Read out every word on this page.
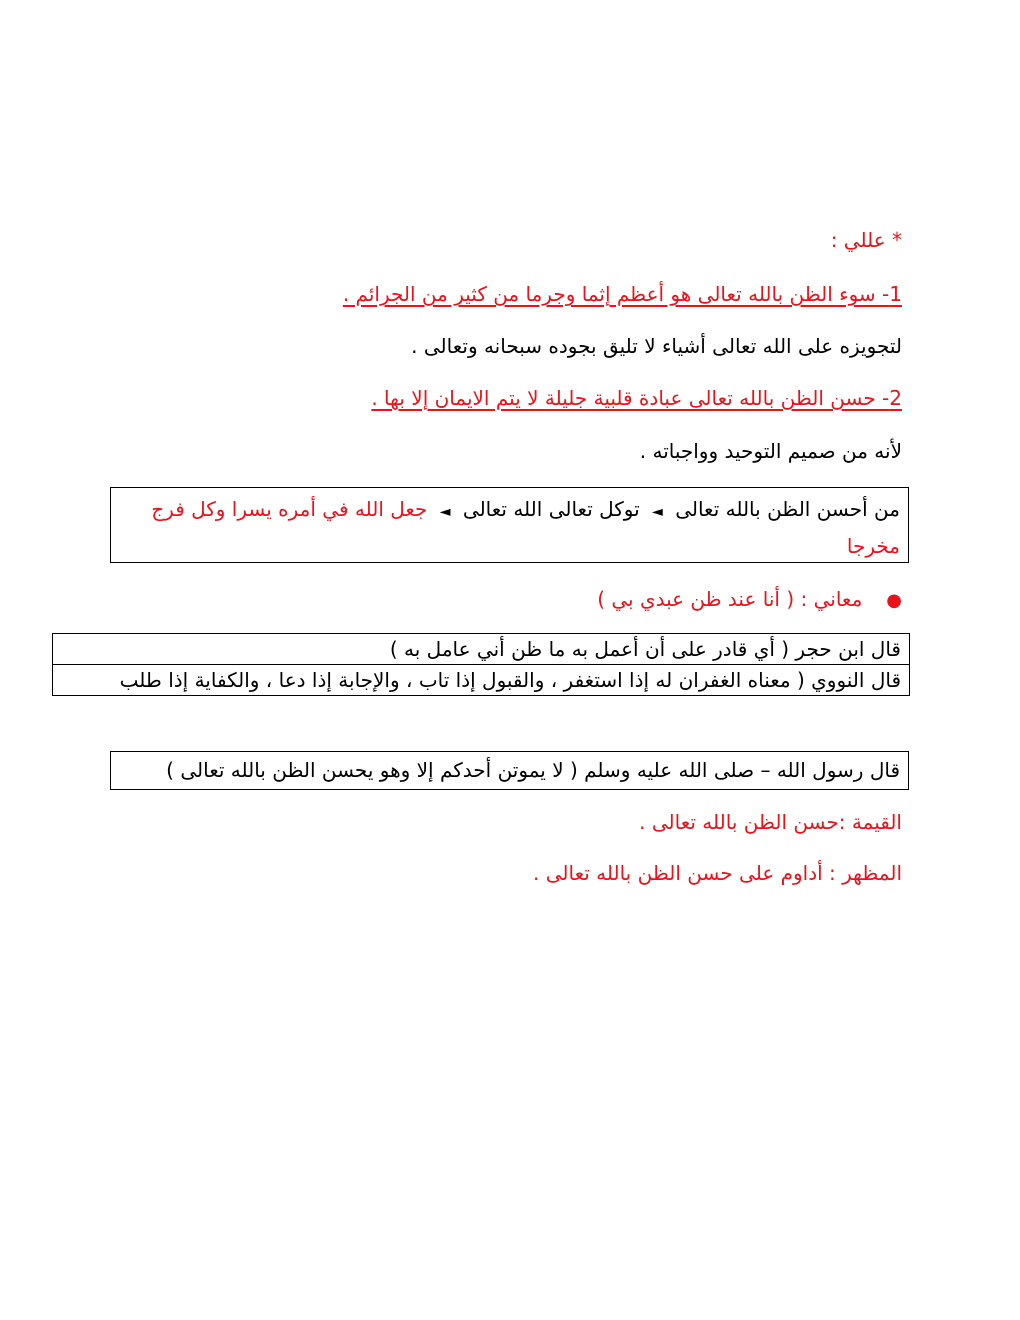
* عللي :
1- سوء الظن بالله تعالى هو أعظم إثما وجرما من كثير من الجرائم .
لتجويزه على الله تعالى أشياء لا تليق بجوده سبحانه وتعالى .
2- حسن الظن بالله تعالى عبادة قلبية جليلة لا يتم الايمان إلا بها .
لأنه من صميم التوحيد وواجباته .
من أحسن الظن بالله تعالى ◄ توكل تعالى الله تعالى ◄ جعل الله في أمره يسرا وكل فرج مخرجا
●معاني : ( أنا عند ظن عبدي بي )
قال ابن حجر ( أي قادر على أن أعمل به ما ظن أني عامل به )
قال النووي ( معناه الغفران له إذا استغفر ، والقبول إذا تاب ، والإجابة إذا دعا ، والكفاية إذا طلب
قال رسول الله – صلى الله عليه وسلم ( لا يموتن أحدكم إلا وهو يحسن الظن بالله تعالى )
القيمة :حسن الظن بالله تعالى .
المظهر : أداوم على حسن الظن بالله تعالى .
